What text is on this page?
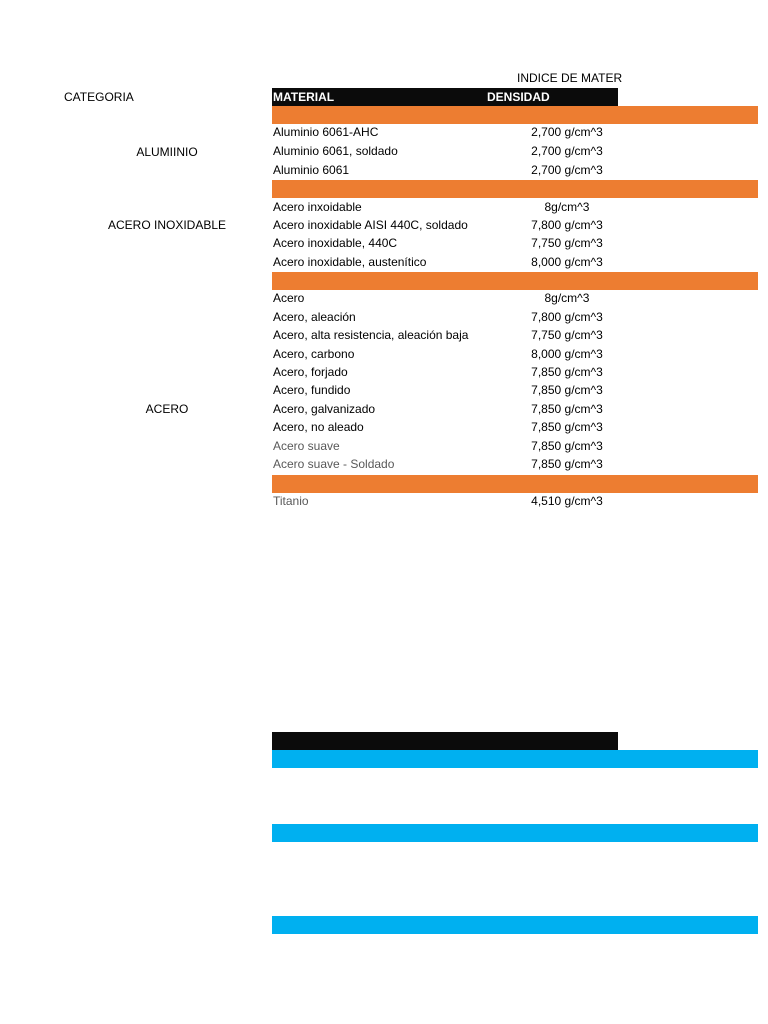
INDICE DE MATER
CATEGORIA	MATERIAL	DENSIDAD
ALUMIINIO
Aluminio 6061-AHC	2,700 g/cm^3
Aluminio 6061, soldado	2,700 g/cm^3
Aluminio 6061	2,700 g/cm^3
ACERO INOXIDABLE
Acero inxoidable	8g/cm^3
Acero inoxidable AISI 440C, soldado	7,800 g/cm^3
Acero inoxidable, 440C	7,750 g/cm^3
Acero inoxidable, austenítico	8,000 g/cm^3
ACERO
Acero	8g/cm^3
Acero, aleación	7,800 g/cm^3
Acero, alta resistencia, aleación baja	7,750 g/cm^3
Acero, carbono	8,000 g/cm^3
Acero, forjado	7,850 g/cm^3
Acero, fundido	7,850 g/cm^3
Acero, galvanizado	7,850 g/cm^3
Acero, no aleado	7,850 g/cm^3
Acero suave	7,850 g/cm^3
Acero suave - Soldado	7,850 g/cm^3
Titanio	4,510 g/cm^3
